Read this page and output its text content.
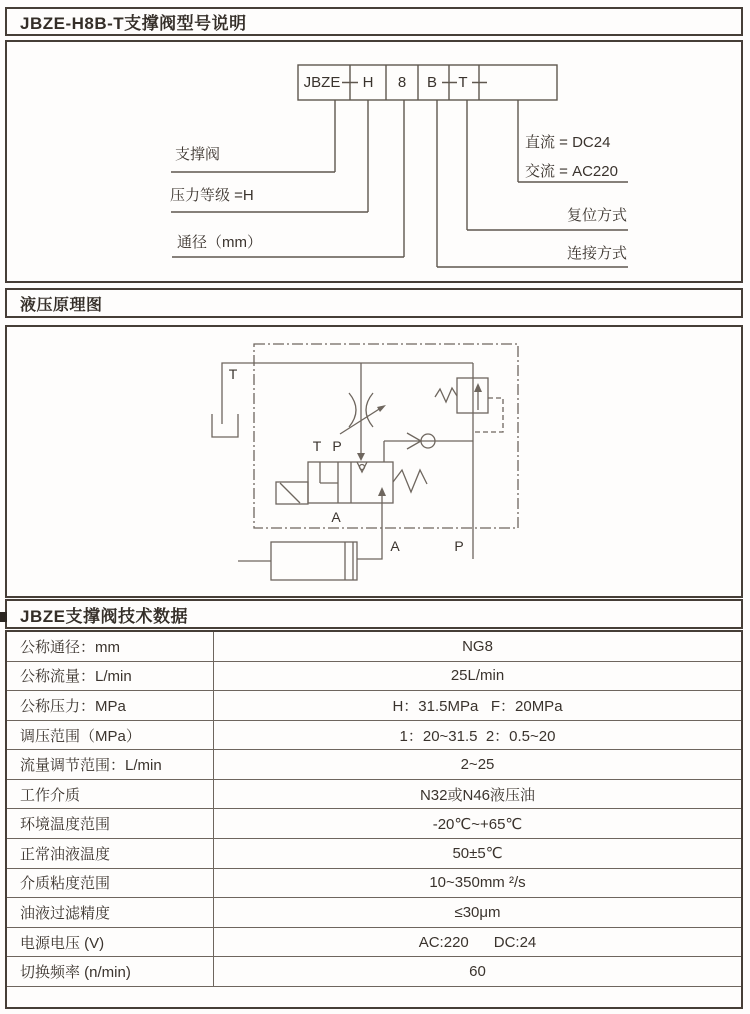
JBZE-H8B-T支撑阀型号说明
JBZE H 8 B T
支撑阀
压力等级 =H
通径（mm）
直流 = DC24
交流 = AC220
复位方式
连接方式
液压原理图
T
T P
A
A	P
JBZE支撑阀技术数据
公称通径：mm	NG8
公称流量：L/min	25L/min
公称压力：MPa	H：31.5MPa   F：20MPa
调压范围（MPa）	1：20~31.5  2：0.5~20
流量调节范围：L/min	2~25
工作介质	N32或N46液压油
环境温度范围	-20℃~+65℃
正常油液温度	50±5℃
介质粘度范围	10~350mm ²/s
油液过滤精度	≤30μm
电源电压 (V)	AC:220      DC:24
切换频率 (n/min)	60
